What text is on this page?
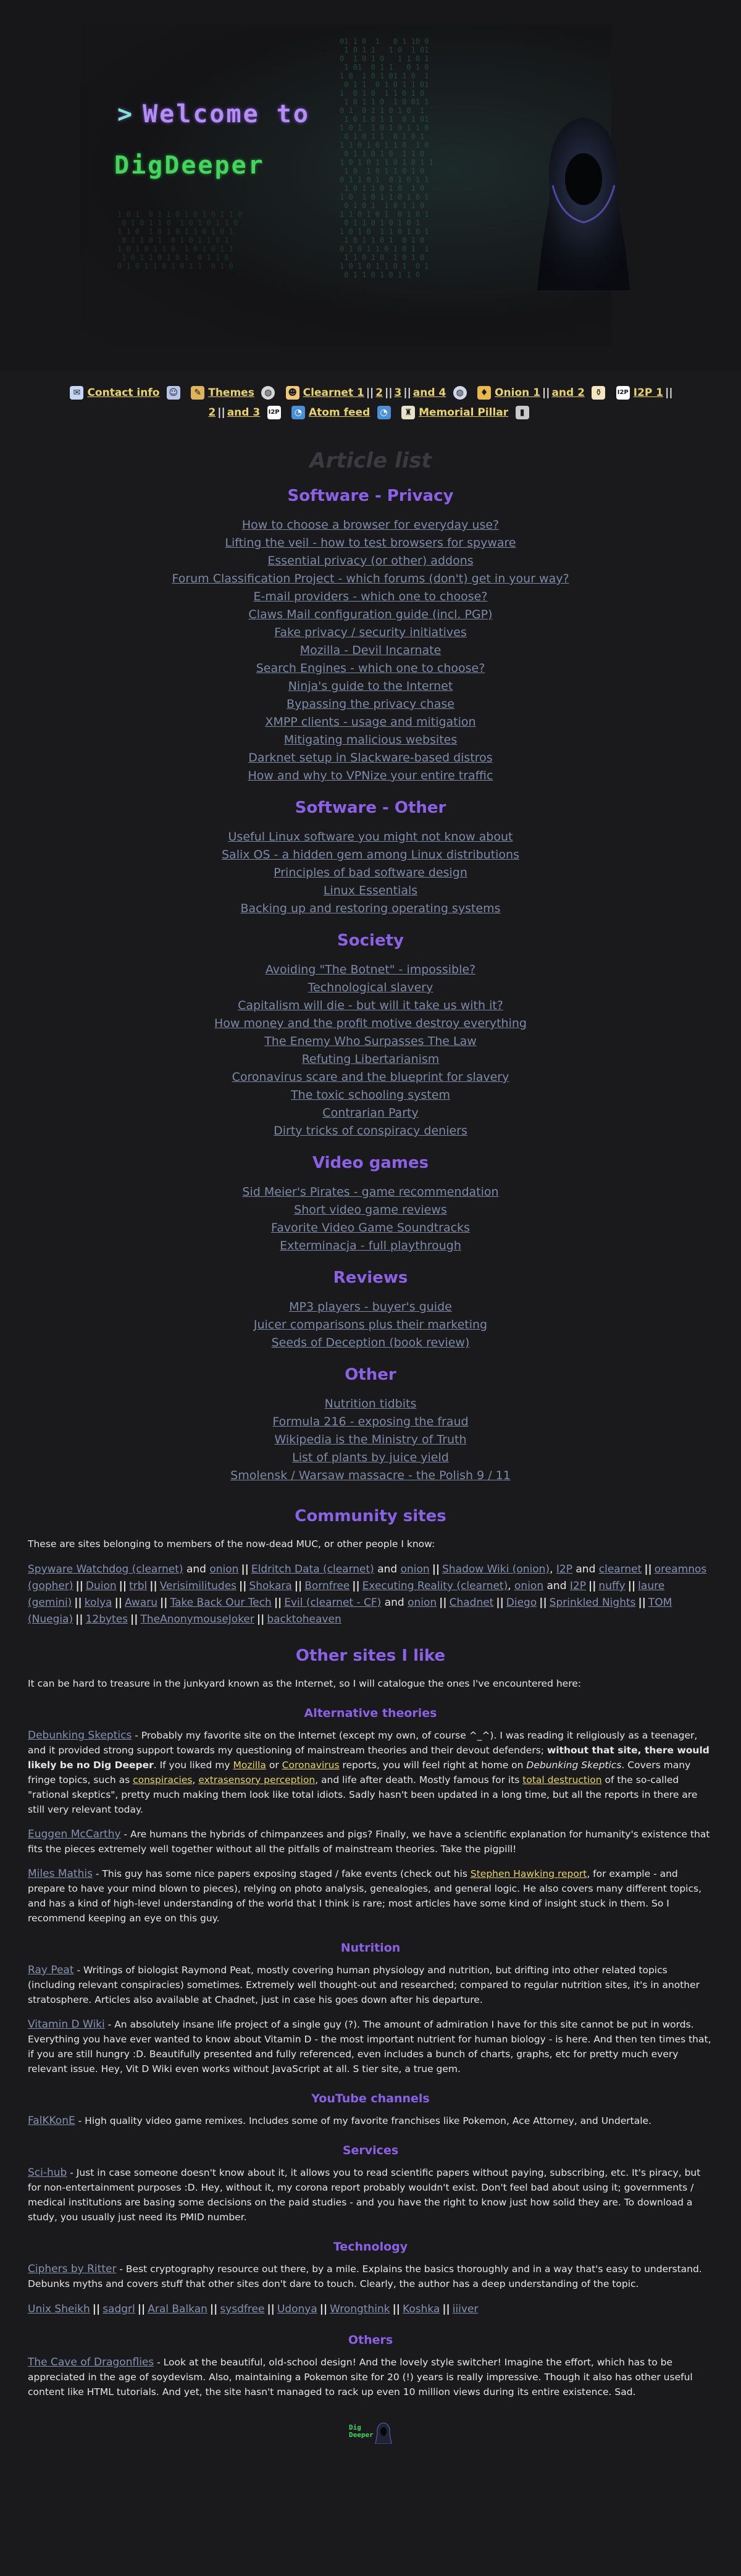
01 1 0  1   0 1 10 0
1 0 1 1   1 0  1 01
0  1 0 1 0   1 1 0 1
1 01  0 1 1   0 1 0
1 0  1 0 1 01 1 0  1
0 1 1  0 1 0 1 1 01
1  0 1 0  1 1 0 1 0
1 0 1 1 0  1 0 01 1
0 1  0 1 1 0 1 0  1
1 0 1 0 1 1  0 1 01
1 0 1  1 0 1 0 1 1 0
0 1 0 1 1  0 1 0 1
1 1 0 1 0 1 1 0  1 0
0 1 1 0 1 0  1 1 0
1 0 1 0 1 1 0 1 0 1 1
1 0  1 0 1 1 0 1 0
0 1 1 0 1  0 1 0 1 1
1 0 1 1 0 1 0  1 0
1 0  1 0 1 1 0 1 0 1
0 1 0 1  1 0 1 1 0
1 1 0 1 0 1  0 1 0 1
0 1 1 0 1 0 1 0 1
1 0 1 0  1 1 0 1 0 1
1 0 1 1 0 1  0 1 0
0 1 0 1 1 0 1 0 1  1
1 1 0 1 0  1 0 1 0
1 0 1 0 1 1 0 1  0 1
0 1 1 0 1 0 1 1 0
1 0 1  0 1 1 0 1 0 1 0 1 1 0
0 1 0 1 1 0  1 0 1 0 1 1 0
1 1 0  1 0 1 0 1 1 0 1 0 1
0 1 1 0 1  0 1 0 1 1 0 1
1 0 1 0 1 1 0  1 0 1 0 1 1
1 0 1 1 0 1 0 1  0 1 1 0
0 1 0 1 1 0 1 0 1 1  0 1 0
> Welcome to
DigDeeper
✉ Contact info ☺ ✎ Themes ◍ ☻ Clearnet 1 || 2 || 3 || and 4 ◍ ♦ Onion 1 || and 2 ⚱ I2P I2P 1 ||
2 || and 3 I2P ◔ Atom feed ◔ ♜ Memorial Pillar ▮
Article list
Software - Privacy
How to choose a browser for everyday use?
Lifting the veil - how to test browsers for spyware
Essential privacy (or other) addons
Forum Classification Project - which forums (don't) get in your way?
E-mail providers - which one to choose?
Claws Mail configuration guide (incl. PGP)
Fake privacy / security initiatives
Mozilla - Devil Incarnate
Search Engines - which one to choose?
Ninja's guide to the Internet
Bypassing the privacy chase
XMPP clients - usage and mitigation
Mitigating malicious websites
Darknet setup in Slackware-based distros
How and why to VPNize your entire traffic

Software - Other
Useful Linux software you might not know about
Salix OS - a hidden gem among Linux distributions
Principles of bad software design
Linux Essentials
Backing up and restoring operating systems

Society
Avoiding "The Botnet" - impossible?
Technological slavery
Capitalism will die - but will it take us with it?
How money and the profit motive destroy everything
The Enemy Who Surpasses The Law
Refuting Libertarianism
Coronavirus scare and the blueprint for slavery
The toxic schooling system
Contrarian Party
Dirty tricks of conspiracy deniers

Video games
Sid Meier's Pirates - game recommendation
Short video game reviews
Favorite Video Game Soundtracks
Exterminacja - full playthrough

Reviews
MP3 players - buyer's guide
Juicer comparisons plus their marketing
Seeds of Deception (book review)

Other
Nutrition tidbits
Formula 216 - exposing the fraud
Wikipedia is the Ministry of Truth
List of plants by juice yield
Smolensk / Warsaw massacre - the Polish 9 / 11

Community sites

These are sites belonging to members of the now-dead MUC, or other people I know:

Spyware Watchdog (clearnet) and onion || Eldritch Data (clearnet) and onion || Shadow Wiki (onion), I2P and clearnet || oreamnos (gopher) || Duion || trbl || Verisimilitudes || Shokara || Bornfree || Executing Reality (clearnet), onion and I2P || nuffy || laure (gemini) || kolya || Awaru || Take Back Our Tech || Evil (clearnet - CF) and onion || Chadnet || Diego || Sprinkled Nights || TOM (Nuegia) || 12bytes || TheAnonymouseJoker || backtoheaven
Other sites I like

It can be hard to treasure in the junkyard known as the Internet, so I will catalogue the ones I've encountered here:

Alternative theories

Debunking Skeptics - Probably my favorite site on the Internet (except my own, of course ^_^). I was reading it religiously as a teenager, and it provided strong support towards my questioning of mainstream theories and their devout defenders; without that site, there would likely be no Dig Deeper. If you liked my Mozilla or Coronavirus reports, you will feel right at home on Debunking Skeptics. Covers many fringe topics, such as conspiracies, extrasensory perception, and life after death. Mostly famous for its total destruction of the so-called "rational skeptics", pretty much making them look like total idiots. Sadly hasn't been updated in a long time, but all the reports in there are still very relevant today.

Euggen McCarthy - Are humans the hybrids of chimpanzees and pigs? Finally, we have a scientific explanation for humanity's existence that fits the pieces extremely well together without all the pitfalls of mainstream theories. Take the pigpill!

Miles Mathis - This guy has some nice papers exposing staged / fake events (check out his Stephen Hawking report, for example - and prepare to have your mind blown to pieces), relying on photo analysis, genealogies, and general logic. He also covers many different topics, and has a kind of high-level understanding of the world that I think is rare; most articles have some kind of insight stuck in them. So I recommend keeping an eye on this guy.

Nutrition

Ray Peat - Writings of biologist Raymond Peat, mostly covering human physiology and nutrition, but drifting into other related topics (including relevant conspiracies) sometimes. Extremely well thought-out and researched; compared to regular nutrition sites, it's in another stratosphere. Articles also available at Chadnet, just in case his goes down after his departure.

Vitamin D Wiki - An absolutely insane life project of a single guy (?). The amount of admiration I have for this site cannot be put in words. Everything you have ever wanted to know about Vitamin D - the most important nutrient for human biology - is here. And then ten times that, if you are still hungry :D. Beautifully presented and fully referenced, even includes a bunch of charts, graphs, etc for pretty much every relevant issue. Hey, Vit D Wiki even works without JavaScript at all. S tier site, a true gem.

YouTube channels

FalKKonE - High quality video game remixes. Includes some of my favorite franchises like Pokemon, Ace Attorney, and Undertale.

Services

Sci-hub - Just in case someone doesn't know about it, it allows you to read scientific papers without paying, subscribing, etc. It's piracy, but for non-entertainment purposes :D. Hey, without it, my corona report probably wouldn't exist. Don't feel bad about using it; governments / medical institutions are basing some decisions on the paid studies - and you have the right to know just how solid they are. To download a study, you usually just need its PMID number.

Technology

Ciphers by Ritter - Best cryptography resource out there, by a mile. Explains the basics thoroughly and in a way that's easy to understand. Debunks myths and covers stuff that other sites don't dare to touch. Clearly, the author has a deep understanding of the topic.

Unix Sheikh || sadgrl || Aral Balkan || sysdfree || Udonya || Wrongthink || Koshka || iiiver
Others

The Cave of Dragonflies - Look at the beautiful, old-school design! And the lovely style switcher! Imagine the effort, which has to be appreciated in the age of soydevism. Also, maintaining a Pokemon site for 20 (!) years is really impressive. Though it also has other useful content like HTML tutorials. And yet, the site hasn't managed to rack up even 10 million views during its entire existence. Sad.

Dig
Deeper
